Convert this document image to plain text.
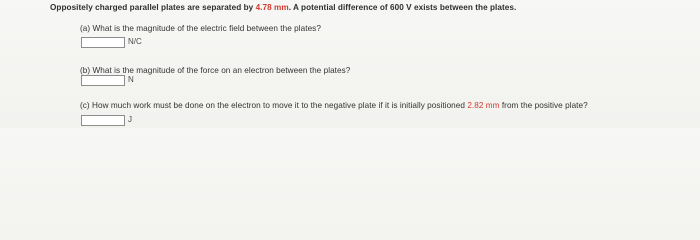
Oppositely charged parallel plates are separated by 4.78 mm. A potential difference of 600 V exists between the plates.
(a) What is the magnitude of the electric field between the plates?
N/C
(b) What is the magnitude of the force on an electron between the plates?
N
(c) How much work must be done on the electron to move it to the negative plate if it is initially positioned 2.82 mm from the positive plate?
J
